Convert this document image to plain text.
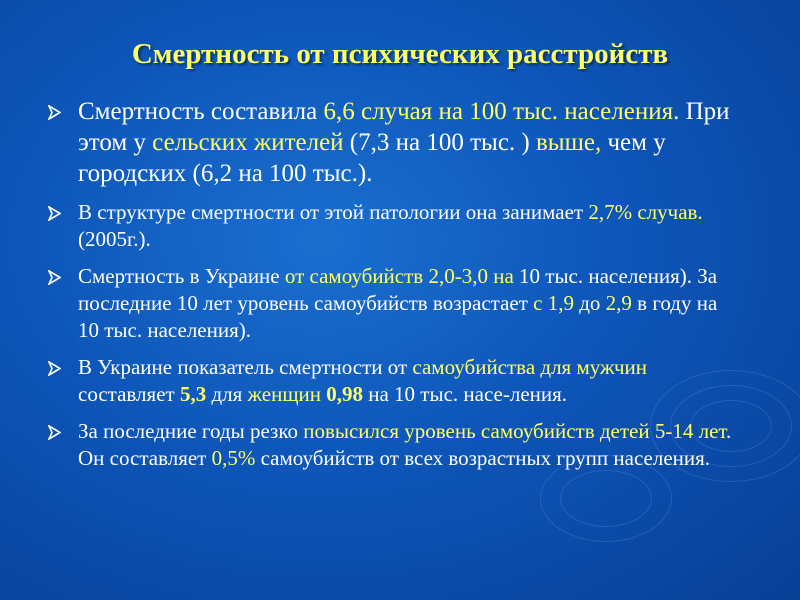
Смертность от психических расстройств
Смертность составила 6,6 случая на 100 тыс. населения. При этом у сельских жителей (7,3 на 100 тыс. ) выше, чем у городских (6,2 на 100 тыс.).
В структуре смертности от этой патологии она занимает 2,7% случав. (2005г.).
Смертность в Украине от самоубийств 2,0-3,0 на 10 тыс. населения). За последние 10 лет уровень самоубийств возрастает с 1,9 до 2,9 в году на 10 тыс. населения).
В Украине показатель смертности от самоубийства для мужчин составляет 5,3 для женщин 0,98 на 10 тыс. насе-ления.
За последние годы резко повысился уровень самоубийств детей 5-14 лет. Он составляет 0,5% самоубийств от всех возрастных групп населения.
